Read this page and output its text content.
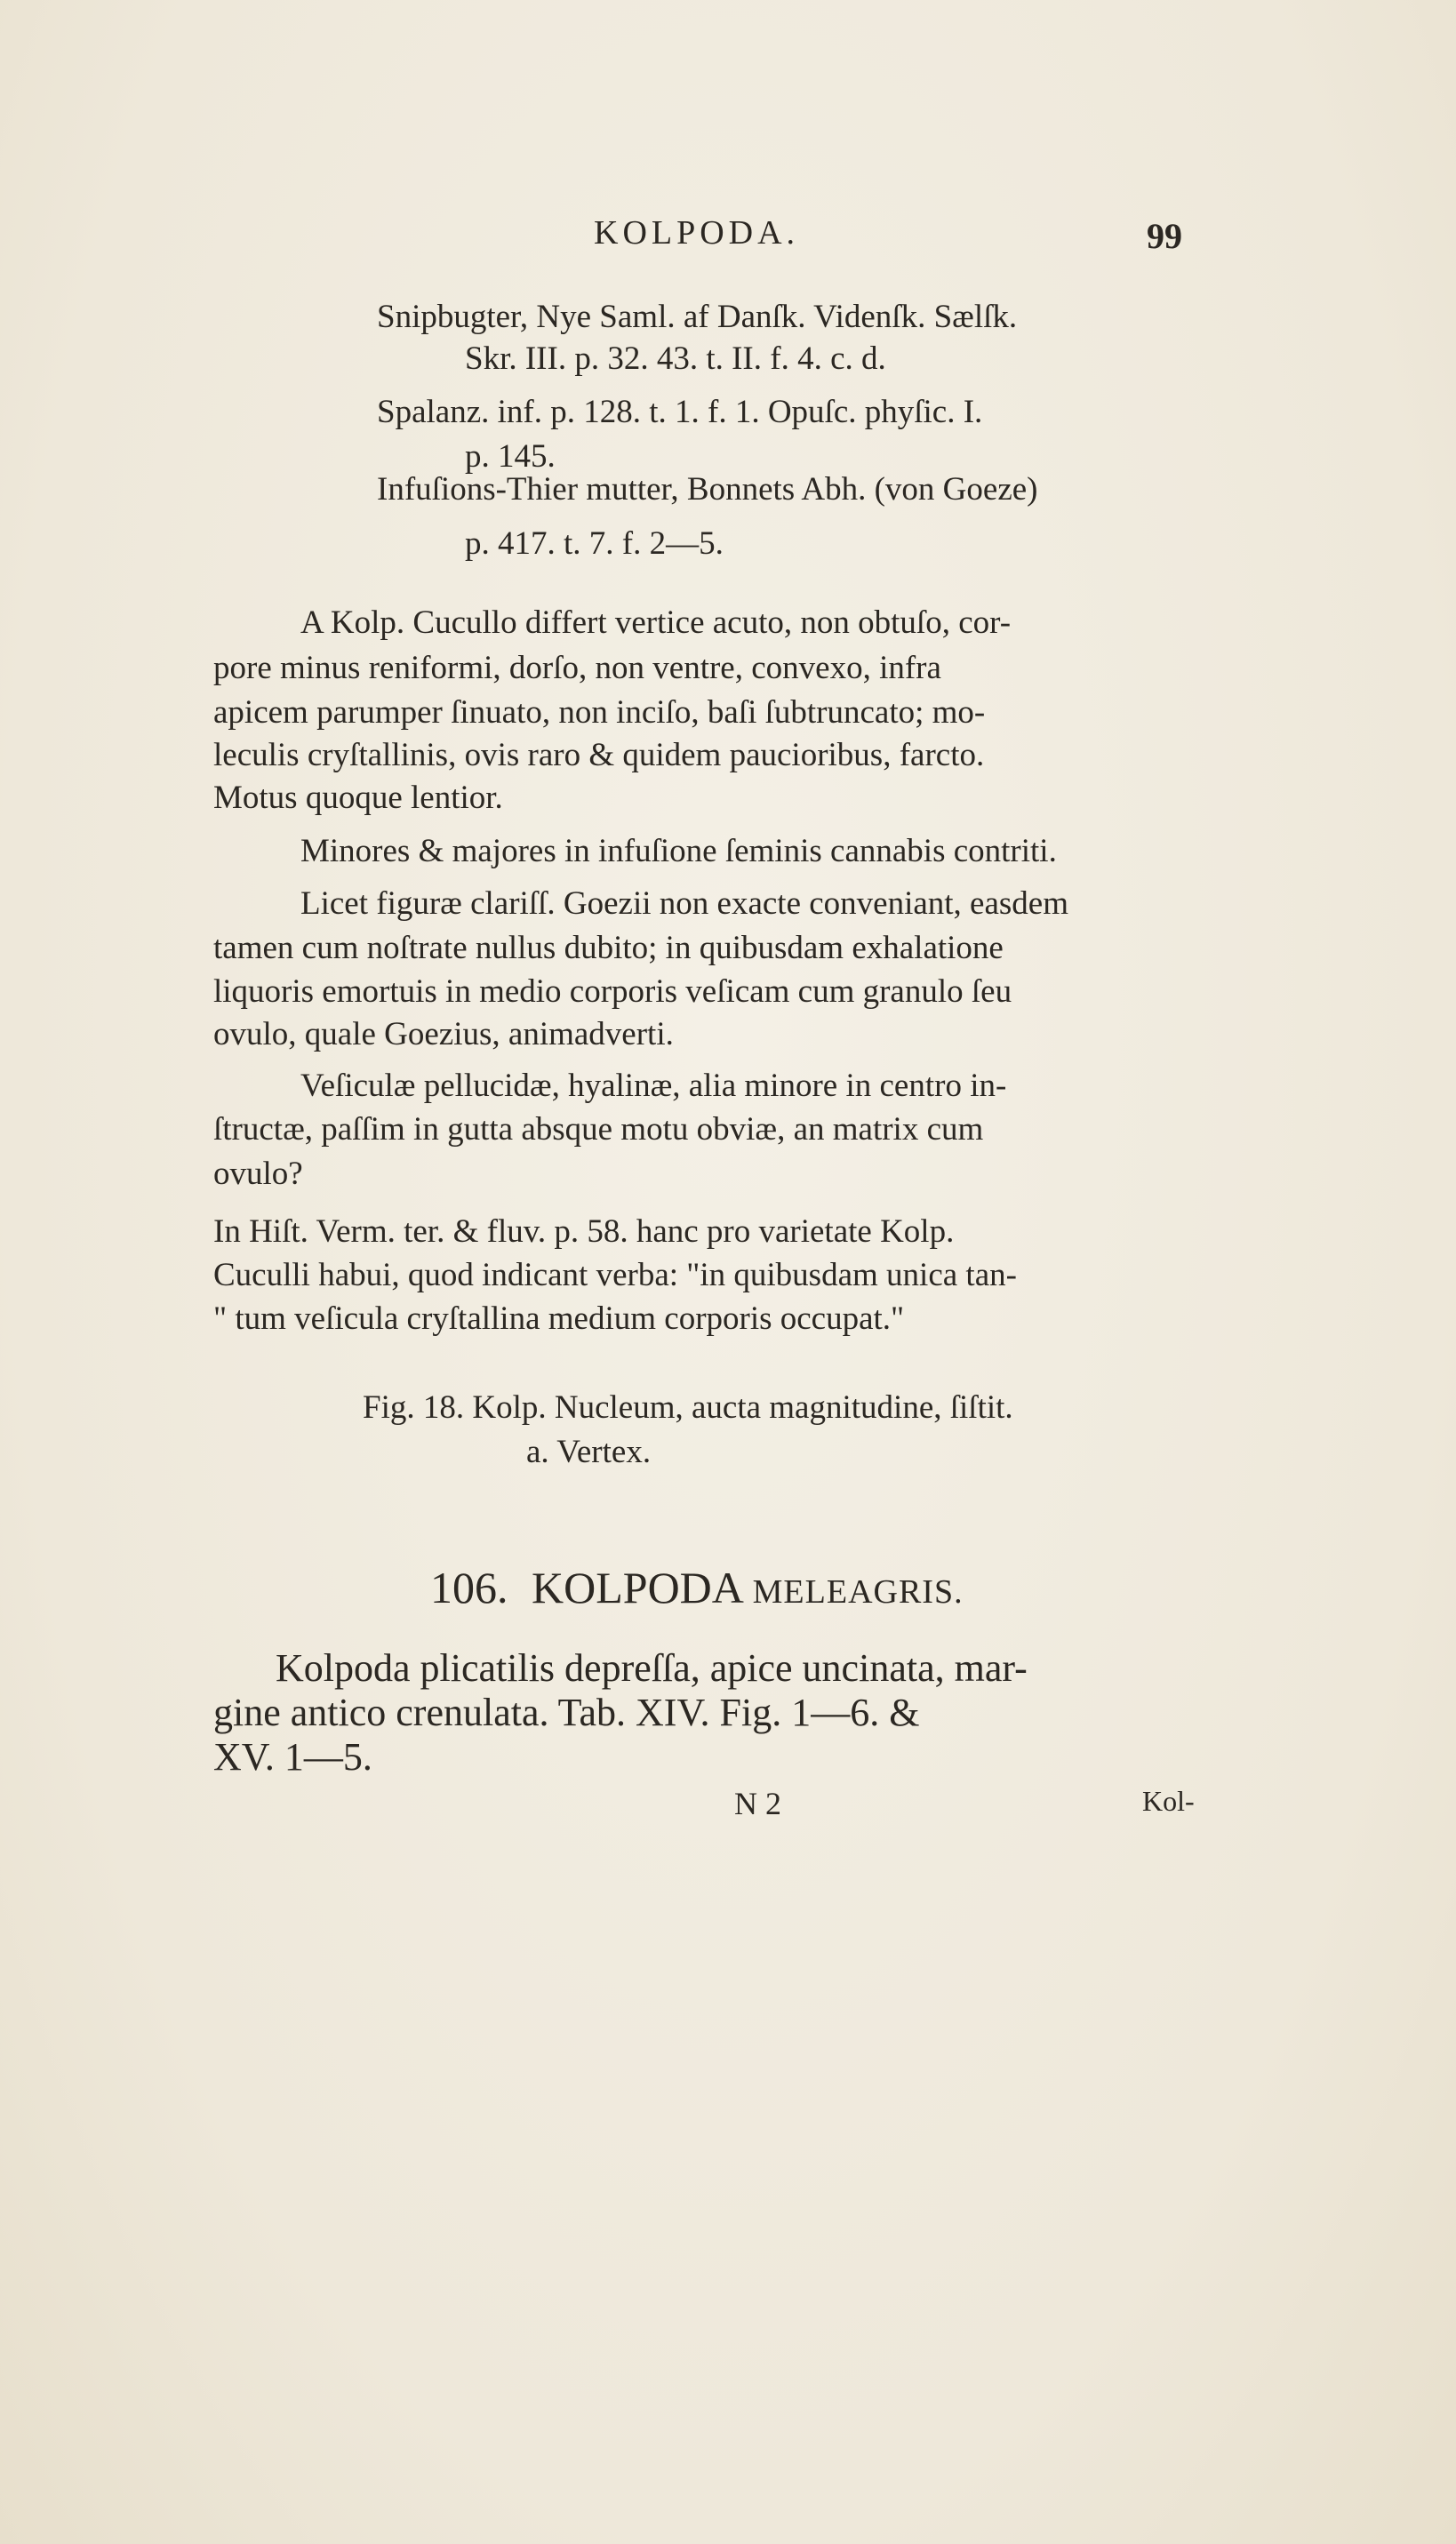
KOLPODA.	99
Snipbugter, Nye Saml. af Danſk. Videnſk. Sælſk.
Skr. III. p. 32. 43. t. II. f. 4. c. d.
Spalanz. inf. p. 128. t. 1. f. 1. Opuſc. phyſic. I.
p. 145.
Infuſions-Thier mutter, Bonnets Abh. (von Goeze)
p. 417. t. 7. f. 2—5.
A Kolp. Cucullo differt vertice acuto, non obtuſo, cor-
pore minus reniformi, dorſo, non ventre, convexo, infra
apicem parumper ſinuato, non inciſo, baſi ſubtruncato; mo-
leculis cryſtallinis, ovis raro & quidem paucioribus, farcto.
Motus quoque lentior.
Minores & majores in infuſione ſeminis cannabis contriti.
Licet figuræ clariſſ. Goezii non exacte conveniant, easdem
tamen cum noſtrate nullus dubito; in quibusdam exhalatione
liquoris emortuis in medio corporis veſicam cum granulo ſeu
ovulo, quale Goezius, animadverti.
Veſiculæ pellucidæ, hyalinæ, alia minore in centro in-
ſtructæ, paſſim in gutta absque motu obviæ, an matrix cum
ovulo?
In Hiſt. Verm. ter. & fluv. p. 58. hanc pro varietate Kolp.
Cuculli habui, quod indicant verba: "in quibusdam unica tan-
" tum veſicula cryſtallina medium corporis occupat."
Fig. 18. Kolp. Nucleum, aucta magnitudine, ſiſtit.
a. Vertex.
106. KOLPODA MELEAGRIS.
Kolpoda plicatilis depreſſa, apice uncinata, mar-
gine antico crenulata. Tab. XIV. Fig. 1—6. &
XV. 1—5.
N 2	Kol-
